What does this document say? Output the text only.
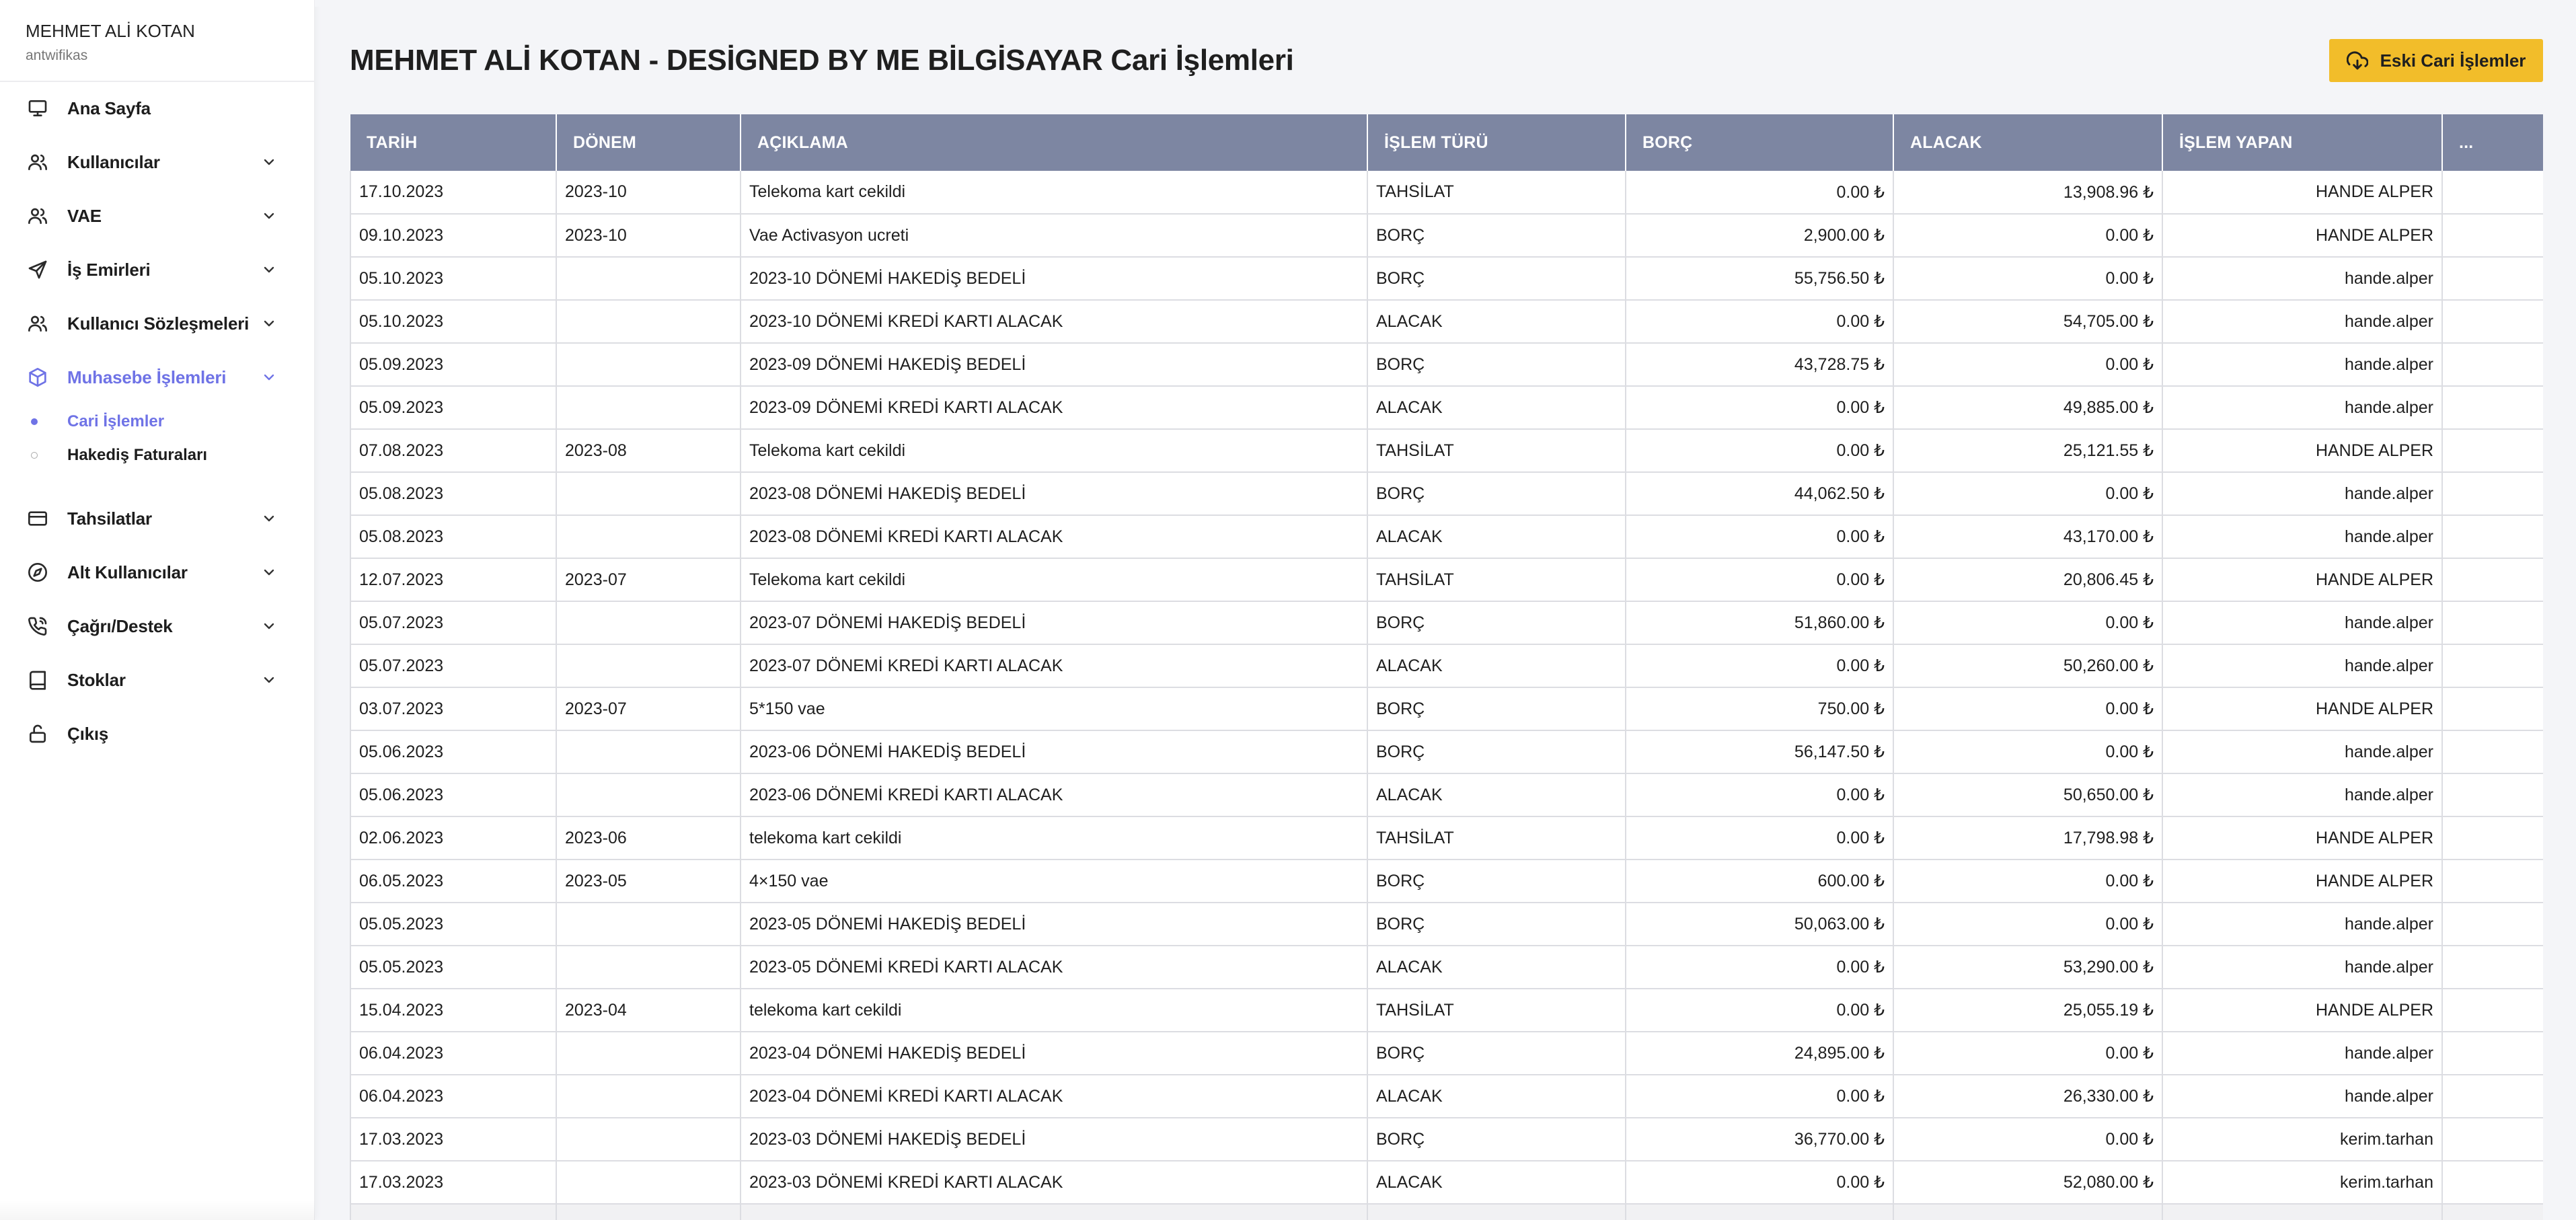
MEHMET ALİ KOTAN
antwifikas
Ana Sayfa
Kullanıcılar
VAE
İş Emirleri
Kullanıcı Sözleşmeleri
Muhasebe İşlemleri
Cari İşlemler
Hakediş Faturaları
Tahsilatlar
Alt Kullanıcılar
Çağrı/Destek
Stoklar
Çıkış
MEHMET ALİ KOTAN - DESİGNED BY ME BİLGİSAYAR Cari İşlemleri	Eski Cari İşlemler
TARİH	DÖNEM	AÇIKLAMA	İŞLEM TÜRÜ	BORÇ	ALACAK	İŞLEM YAPAN	...
17.10.2023	2023-10	Telekoma kart cekildi	TAHSİLAT	0.00 ₺	13,908.96 ₺	HANDE ALPER	
09.10.2023	2023-10	Vae Activasyon ucreti	BORÇ	2,900.00 ₺	0.00 ₺	HANDE ALPER	
05.10.2023		2023-10 DÖNEMİ HAKEDİŞ BEDELİ	BORÇ	55,756.50 ₺	0.00 ₺	hande.alper	
05.10.2023		2023-10 DÖNEMİ KREDİ KARTI ALACAK	ALACAK	0.00 ₺	54,705.00 ₺	hande.alper	
05.09.2023		2023-09 DÖNEMİ HAKEDİŞ BEDELİ	BORÇ	43,728.75 ₺	0.00 ₺	hande.alper	
05.09.2023		2023-09 DÖNEMİ KREDİ KARTI ALACAK	ALACAK	0.00 ₺	49,885.00 ₺	hande.alper	
07.08.2023	2023-08	Telekoma kart cekildi	TAHSİLAT	0.00 ₺	25,121.55 ₺	HANDE ALPER	
05.08.2023		2023-08 DÖNEMİ HAKEDİŞ BEDELİ	BORÇ	44,062.50 ₺	0.00 ₺	hande.alper	
05.08.2023		2023-08 DÖNEMİ KREDİ KARTI ALACAK	ALACAK	0.00 ₺	43,170.00 ₺	hande.alper	
12.07.2023	2023-07	Telekoma kart cekildi	TAHSİLAT	0.00 ₺	20,806.45 ₺	HANDE ALPER	
05.07.2023		2023-07 DÖNEMİ HAKEDİŞ BEDELİ	BORÇ	51,860.00 ₺	0.00 ₺	hande.alper	
05.07.2023		2023-07 DÖNEMİ KREDİ KARTI ALACAK	ALACAK	0.00 ₺	50,260.00 ₺	hande.alper	
03.07.2023	2023-07	5*150 vae	BORÇ	750.00 ₺	0.00 ₺	HANDE ALPER	
05.06.2023		2023-06 DÖNEMİ HAKEDİŞ BEDELİ	BORÇ	56,147.50 ₺	0.00 ₺	hande.alper	
05.06.2023		2023-06 DÖNEMİ KREDİ KARTI ALACAK	ALACAK	0.00 ₺	50,650.00 ₺	hande.alper	
02.06.2023	2023-06	telekoma kart cekildi	TAHSİLAT	0.00 ₺	17,798.98 ₺	HANDE ALPER	
06.05.2023	2023-05	4×150 vae	BORÇ	600.00 ₺	0.00 ₺	HANDE ALPER	
05.05.2023		2023-05 DÖNEMİ HAKEDİŞ BEDELİ	BORÇ	50,063.00 ₺	0.00 ₺	hande.alper	
05.05.2023		2023-05 DÖNEMİ KREDİ KARTI ALACAK	ALACAK	0.00 ₺	53,290.00 ₺	hande.alper	
15.04.2023	2023-04	telekoma kart cekildi	TAHSİLAT	0.00 ₺	25,055.19 ₺	HANDE ALPER	
06.04.2023		2023-04 DÖNEMİ HAKEDİŞ BEDELİ	BORÇ	24,895.00 ₺	0.00 ₺	hande.alper	
06.04.2023		2023-04 DÖNEMİ KREDİ KARTI ALACAK	ALACAK	0.00 ₺	26,330.00 ₺	hande.alper	
17.03.2023		2023-03 DÖNEMİ HAKEDİŞ BEDELİ	BORÇ	36,770.00 ₺	0.00 ₺	kerim.tarhan	
17.03.2023		2023-03 DÖNEMİ KREDİ KARTI ALACAK	ALACAK	0.00 ₺	52,080.00 ₺	kerim.tarhan	
